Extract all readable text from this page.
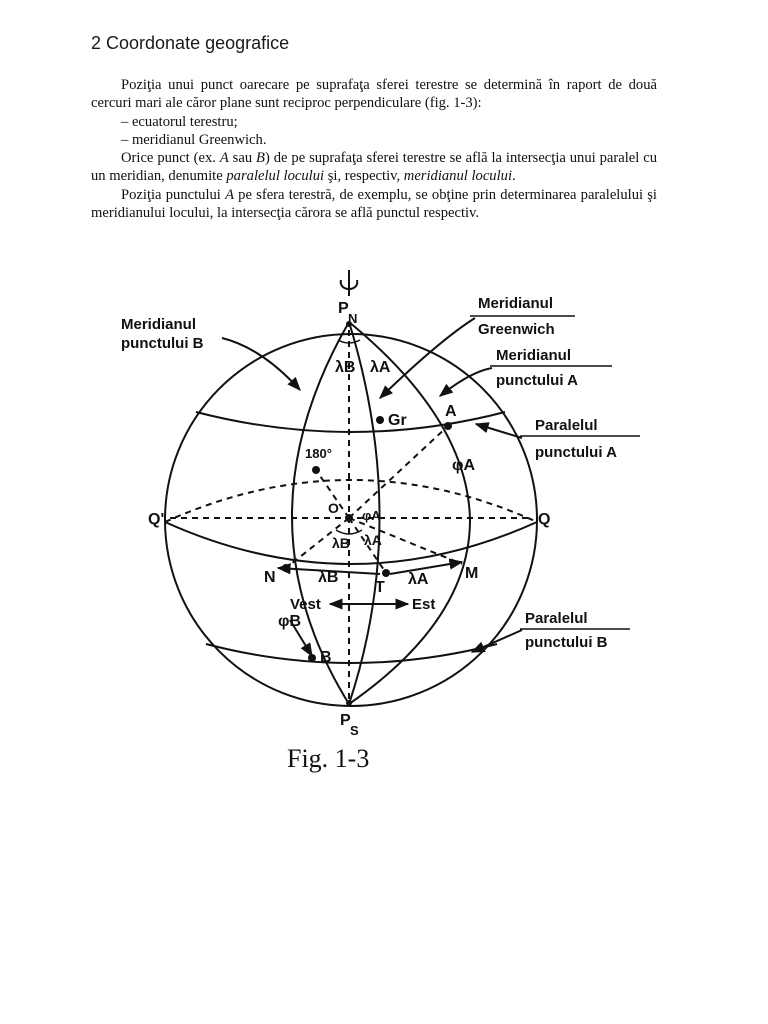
2 Coordonate geografice

Poziţia unui punct oarecare pe suprafaţa sferei terestre se determină în raport de două cercuri mari ale căror plane sunt reciproc perpendiculare (fig. 1-3):

– ecuatorul terestru;

– meridianul Greenwich.

Orice punct (ex. A sau B) de pe suprafaţa sferei terestre se află la intersecţia unui paralel cu un meridian, denumite paralelul locului şi, respectiv, meridianul locului.

Poziţia punctului A pe sfera terestră, de exemplu, se obţine prin determinarea paralelului şi meridianului locului, la intersecţia cărora se află punctul respectiv.

P
N
P
S
Meridianul
punctului B
Meridianul
Greenwich
Meridianul
punctului A
Paralelul
punctului A
Paralelul
punctului B
λB λA
Gr
A
φA
180°
Q'	Q
O φA
λB λA
N	λB
T λA M
Vest	Est
φB
B
Fig. 1-3
